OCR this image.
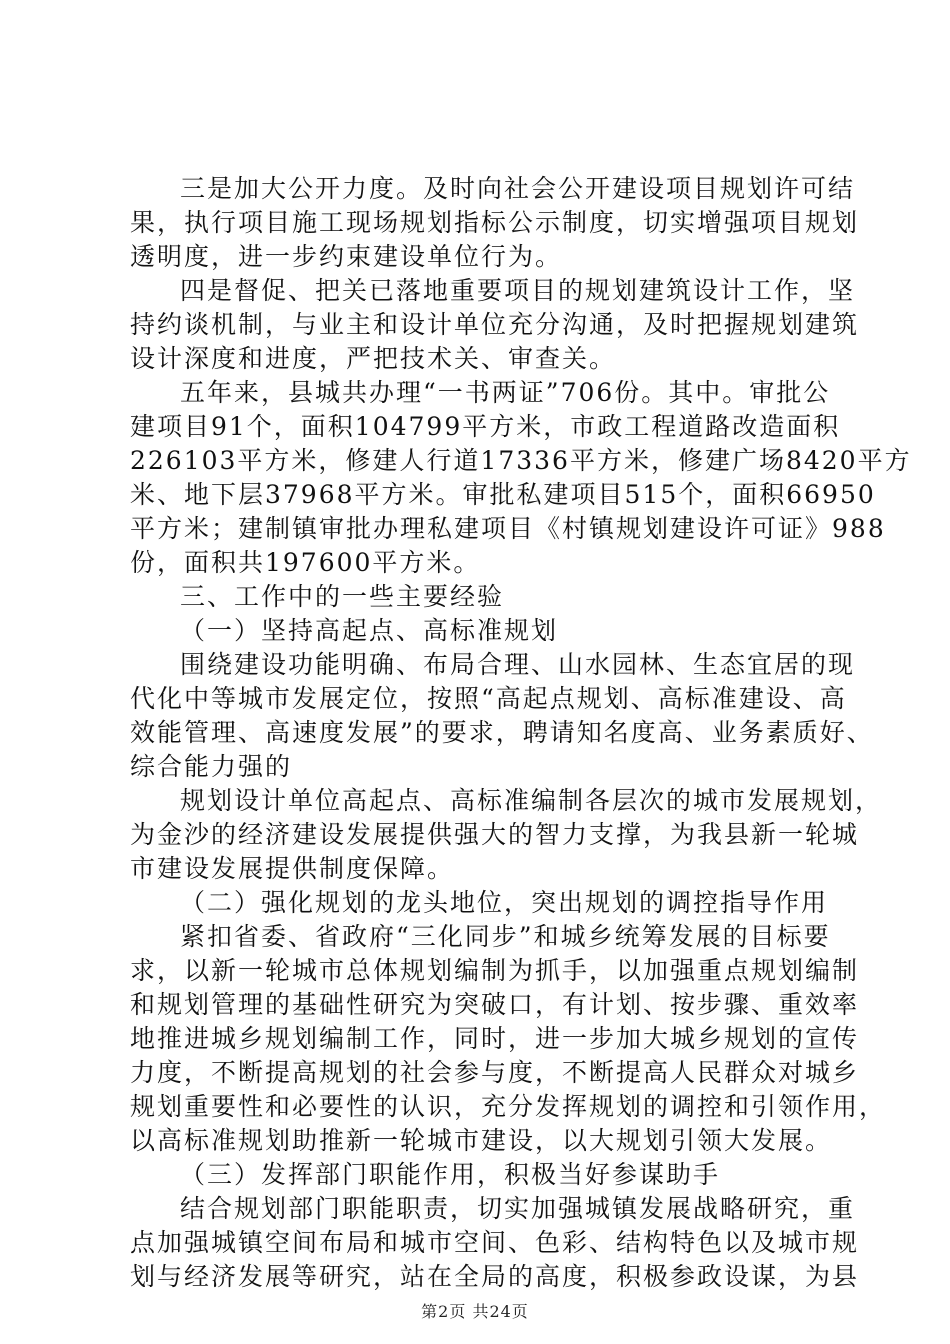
三是加大公开力度。及时向社会公开建设项目规划许可结
果，执行项目施工现场规划指标公示制度，切实增强项目规划
透明度，进一步约束建设单位行为。
四是督促、把关已落地重要项目的规划建筑设计工作，坚
持约谈机制，与业主和设计单位充分沟通，及时把握规划建筑
设计深度和进度，严把技术关、审查关。
五年来，县城共办理“一书两证”706份。其中。审批公
建项目91个，面积104799平方米，市政工程道路改造面积
226103平方米，修建人行道17336平方米，修建广场8420平方
米、地下层37968平方米。审批私建项目515个，面积66950
平方米；建制镇审批办理私建项目《村镇规划建设许可证》988
份，面积共197600平方米。
三、工作中的一些主要经验
（一）坚持高起点、高标准规划
围绕建设功能明确、布局合理、山水园林、生态宜居的现
代化中等城市发展定位，按照“高起点规划、高标准建设、高
效能管理、高速度发展”的要求，聘请知名度高、业务素质好、
综合能力强的
规划设计单位高起点、高标准编制各层次的城市发展规划，
为金沙的经济建设发展提供强大的智力支撑，为我县新一轮城
市建设发展提供制度保障。
（二）强化规划的龙头地位，突出规划的调控指导作用
紧扣省委、省政府“三化同步”和城乡统筹发展的目标要
求，以新一轮城市总体规划编制为抓手，以加强重点规划编制
和规划管理的基础性研究为突破口，有计划、按步骤、重效率
地推进城乡规划编制工作，同时，进一步加大城乡规划的宣传
力度，不断提高规划的社会参与度，不断提高人民群众对城乡
规划重要性和必要性的认识，充分发挥规划的调控和引领作用，
以高标准规划助推新一轮城市建设，以大规划引领大发展。
（三）发挥部门职能作用，积极当好参谋助手
结合规划部门职能职责，切实加强城镇发展战略研究，重
点加强城镇空间布局和城市空间、色彩、结构特色以及城市规
划与经济发展等研究，站在全局的高度，积极参政设谋，为县
第2页 共24页
